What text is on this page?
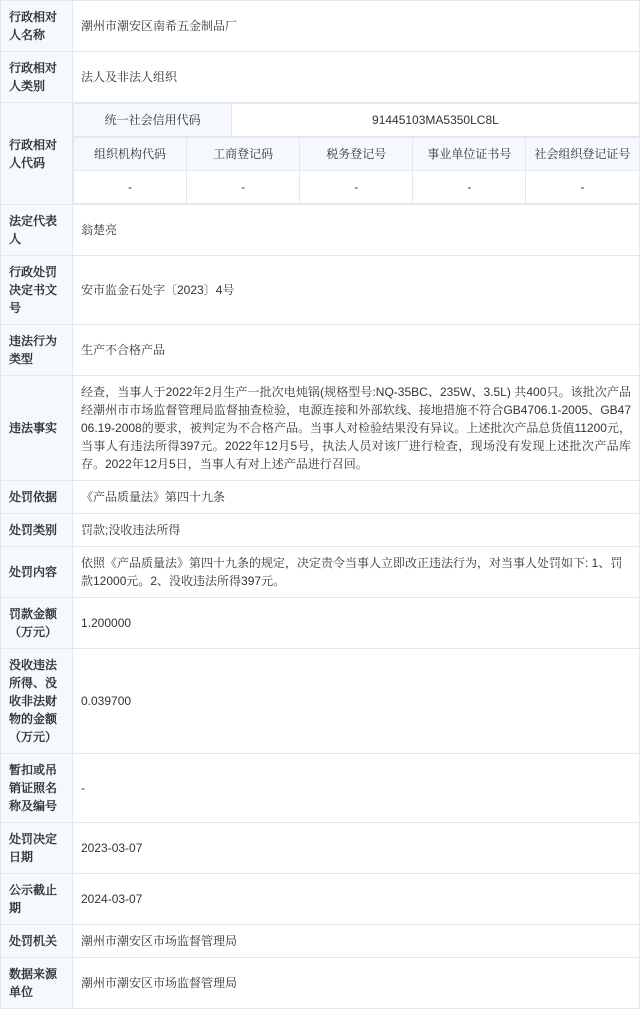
行政相对人名称	潮州市潮安区南希五金制品厂
行政相对人类别	法人及非法人组织
行政相对人代码	
统一社会信用代码	91445103MA5350LC8L
组织机构代码	工商登记码	税务登记号	事业单位证书号	社会组织登记证号
-	-	-	-	-

法定代表人	翁楚亮
行政处罚决定书文号	安市监金石处字〔2023〕4号
违法行为类型	生产不合格产品
违法事实	经查，当事人于2022年2月生产一批次电炖锅(规格型号:NQ-35BC、235W、3.5L) 共400只。该批次产品经潮州市市场监督管理局监督抽查检验，电源连接和外部软线、接地措施不符合GB4706.1-2005、GB4706.19-2008的要求，被判定为不合格产品。当事人对检验结果没有异议。上述批次产品总货值11200元，当事人有违法所得397元。2022年12月5号，执法人员对该厂进行检查，现场没有发现上述批次产品库存。2022年12月5日，当事人有对上述产品进行召回。
处罚依据	《产品质量法》第四十九条
处罚类别	罚款;没收违法所得
处罚内容	依照《产品质量法》第四十九条的规定，决定责令当事人立即改正违法行为，对当事人处罚如下: 1、罚款12000元。2、没收违法所得397元。
罚款金额（万元）	1.200000
没收违法所得、没收非法财物的金额（万元）	0.039700
暂扣或吊销证照名称及编号	-
处罚决定日期	2023-03-07
公示截止期	2024-03-07
处罚机关	潮州市潮安区市场监督管理局
数据来源单位	潮州市潮安区市场监督管理局
